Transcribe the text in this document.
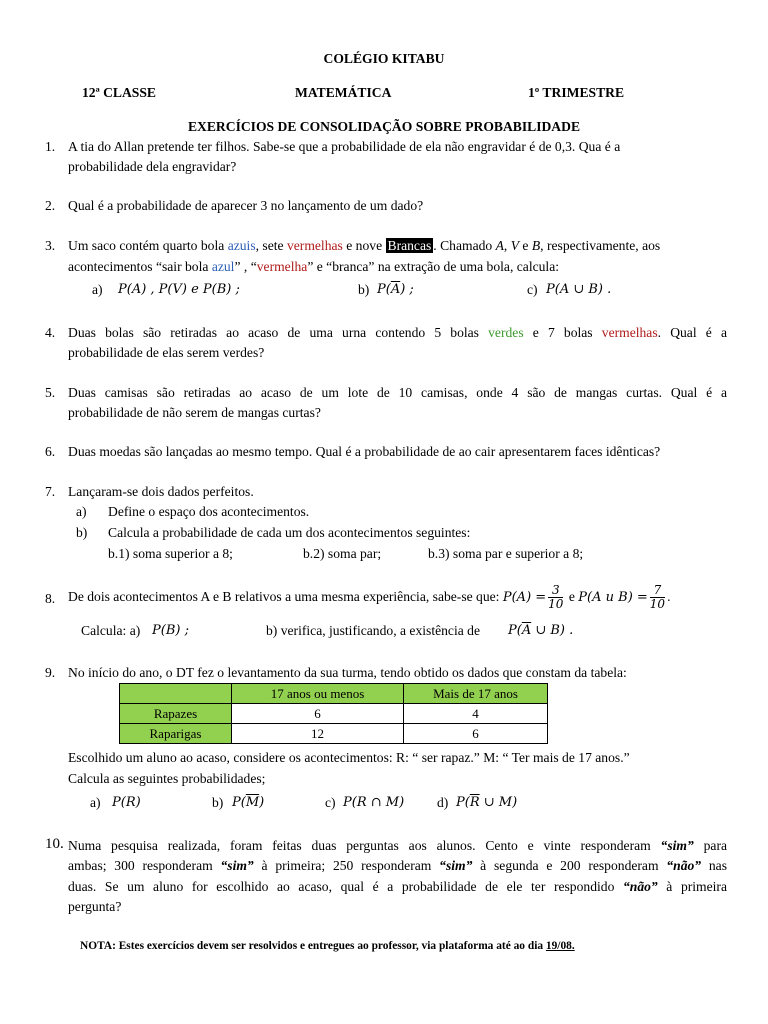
COLÉGIO KITABU
12ª CLASSE	MATEMÁTICA	1º TRIMESTRE
EXERCÍCIOS DE CONSOLIDAÇÃO SOBRE PROBABILIDADE
1. A tia do Allan pretende ter filhos. Sabe-se que a probabilidade de ela não engravidar é de 0,3. Qua é a
probabilidade dela engravidar?
2. Qual é a probabilidade de aparecer 3 no lançamento de um dado?
3. Um saco contém quarto bola azuis, sete vermelhas e nove Brancas . Chamado A, V e B, respectivamente, aos
acontecimentos “sair bola azul” , “vermelha” e “branca” na extração de uma bola, calcula:
a) P(A) , P(V) e P(B) ;	b) $P(\overline{A})$ ;	c) P(A ∪ B) .
4. Duas bolas são retiradas ao acaso de uma urna contendo 5 bolas verdes e 7 bolas vermelhas. Qual é a
probabilidade de elas serem verdes?
5. Duas camisas são retiradas ao acaso de um lote de 10 camisas, onde 4 são de mangas curtas. Qual é a
probabilidade de não serem de mangas curtas?
6. Duas moedas são lançadas ao mesmo tempo. Qual é a probabilidade de ao cair apresentarem faces idênticas?
7. Lançaram-se dois dados perfeitos.
a) Define o espaço dos acontecimentos.
b) Calcula a probabilidade de cada um dos acontecimentos seguintes:
b.1) soma superior a 8;	b.2) soma par;	b.3) soma par e superior a 8;
8. De dois acontecimentos A e B relativos a uma mesma experiência, sabe-se que: $P(A) = \frac{3}{10}$ e P(A u $B) = \frac{7}{10}$ .
Calcula: a) P(B) ;	b) verifica, justificando, a existência de $P(\overline{A}$ ∪ B) .
9. No início do ano, o DT fez o levantamento da sua turma, tendo obtido os dados que constam da tabela:
	17 anos ou menos	Mais de 17 anos
Rapazes	6	4
Raparigas	12	6
Escolhido um aluno ao acaso, considere os acontecimentos: R: “ ser rapaz.” M: “ Ter mais de 17 anos.”
Calcula as seguintes probabilidades;
a) P(R)	b) $P(\overline{M})$	c) P(R ∩ M) d) $P(\overline{R}$ ∪ M)
10. Numa pesquisa realizada, foram feitas duas perguntas aos alunos. Cento e vinte responderam “sim” para
ambas; 300 responderam “sim” à primeira; 250 responderam “sim” à segunda e 200 responderam “não” nas
duas. Se um aluno for escolhido ao acaso, qual é a probabilidade de ele ter respondido “não” à primeira
pergunta?
NOTA: Estes exercícios devem ser resolvidos e entregues ao professor, via plataforma até ao dia 19/08.
